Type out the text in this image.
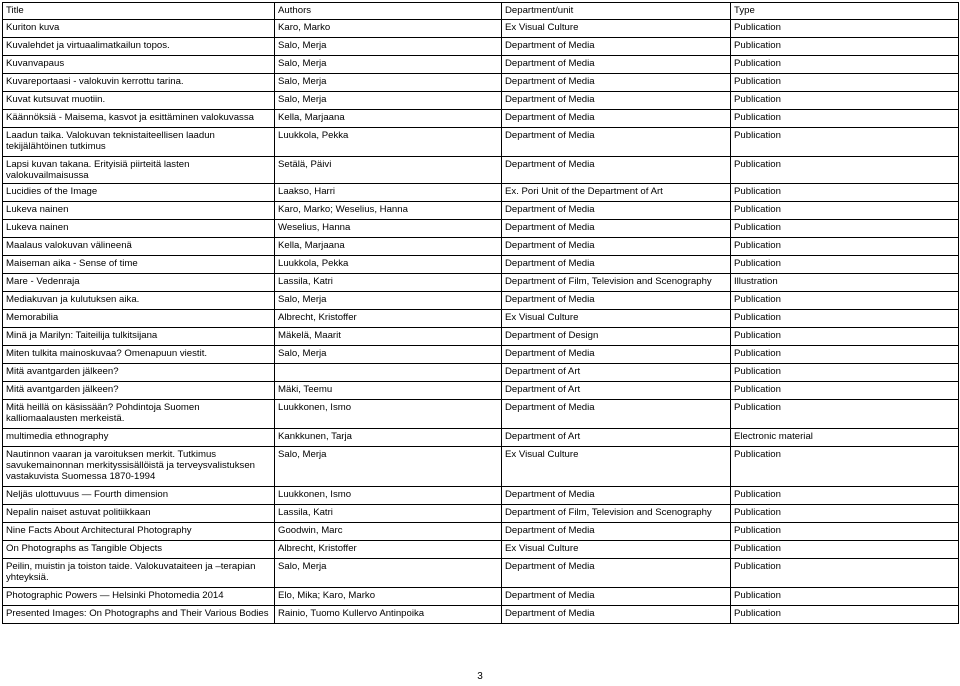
Title	Authors	Department/unit	Type
Kuriton kuva	Karo, Marko	Ex Visual Culture	Publication
Kuvalehdet ja virtuaalimatkailun topos.	Salo, Merja	Department of Media	Publication
Kuvanvapaus	Salo, Merja	Department of Media	Publication
Kuvareportaasi - valokuvin kerrottu tarina.	Salo, Merja	Department of Media	Publication
Kuvat kutsuvat muotiin.	Salo, Merja	Department of Media	Publication
Käännöksiä - Maisema, kasvot ja esittäminen valokuvassa	Kella, Marjaana	Department of Media	Publication
Laadun taika. Valokuvan teknistaiteellisen laadun tekijälähtöinen tutkimus	Luukkola, Pekka	Department of Media	Publication
Lapsi kuvan takana. Erityisiä piirteitä lasten valokuvailmaisussa	Setälä, Päivi	Department of Media	Publication
Lucidies of the Image	Laakso, Harri	Ex. Pori Unit of the Department of Art	Publication
Lukeva nainen	Karo, Marko; Weselius, Hanna	Department of Media	Publication
Lukeva nainen	Weselius, Hanna	Department of Media	Publication
Maalaus valokuvan välineenä	Kella, Marjaana	Department of Media	Publication
Maiseman aika - Sense of time	Luukkola, Pekka	Department of Media	Publication
Mare - Vedenraja	Lassila, Katri	Department of Film, Television and Scenography	Illustration
Mediakuvan ja kulutuksen aika.	Salo, Merja	Department of Media	Publication
Memorabilia	Albrecht, Kristoffer	Ex Visual Culture	Publication
Minä ja Marilyn: Taiteilija tulkitsijana	Mäkelä, Maarit	Department of Design	Publication
Miten tulkita mainoskuvaa? Omenapuun viestit.	Salo, Merja	Department of Media	Publication
Mitä avantgarden jälkeen?		Department of Art	Publication
Mitä avantgarden jälkeen?	Mäki, Teemu	Department of Art	Publication
Mitä heillä on käsissään? Pohdintoja Suomen kalliomaalausten merkeistä.	Luukkonen, Ismo	Department of Media	Publication
multimedia ethnography	Kankkunen, Tarja	Department of Art	Electronic material
Nautinnon vaaran ja varoituksen merkit. Tutkimus savukemainonnan merkityssisällöistä ja terveysvalistuksen vastakuvista Suomessa 1870-1994	Salo, Merja	Ex Visual Culture	Publication
Neljäs ulottuvuus — Fourth dimension	Luukkonen, Ismo	Department of Media	Publication
Nepalin naiset astuvat politiikkaan	Lassila, Katri	Department of Film, Television and Scenography	Publication
Nine Facts About Architectural Photography	Goodwin, Marc	Department of Media	Publication
On Photographs as Tangible Objects	Albrecht, Kristoffer	Ex Visual Culture	Publication
Peilin, muistin ja toiston taide. Valokuvataiteen ja –terapian yhteyksiä.	Salo, Merja	Department of Media	Publication
Photographic Powers — Helsinki Photomedia 2014	Elo, Mika; Karo, Marko	Department of Media	Publication
Presented Images: On Photographs and Their Various Bodies	Rainio, Tuomo Kullervo Antinpoika	Department of Media	Publication
3
